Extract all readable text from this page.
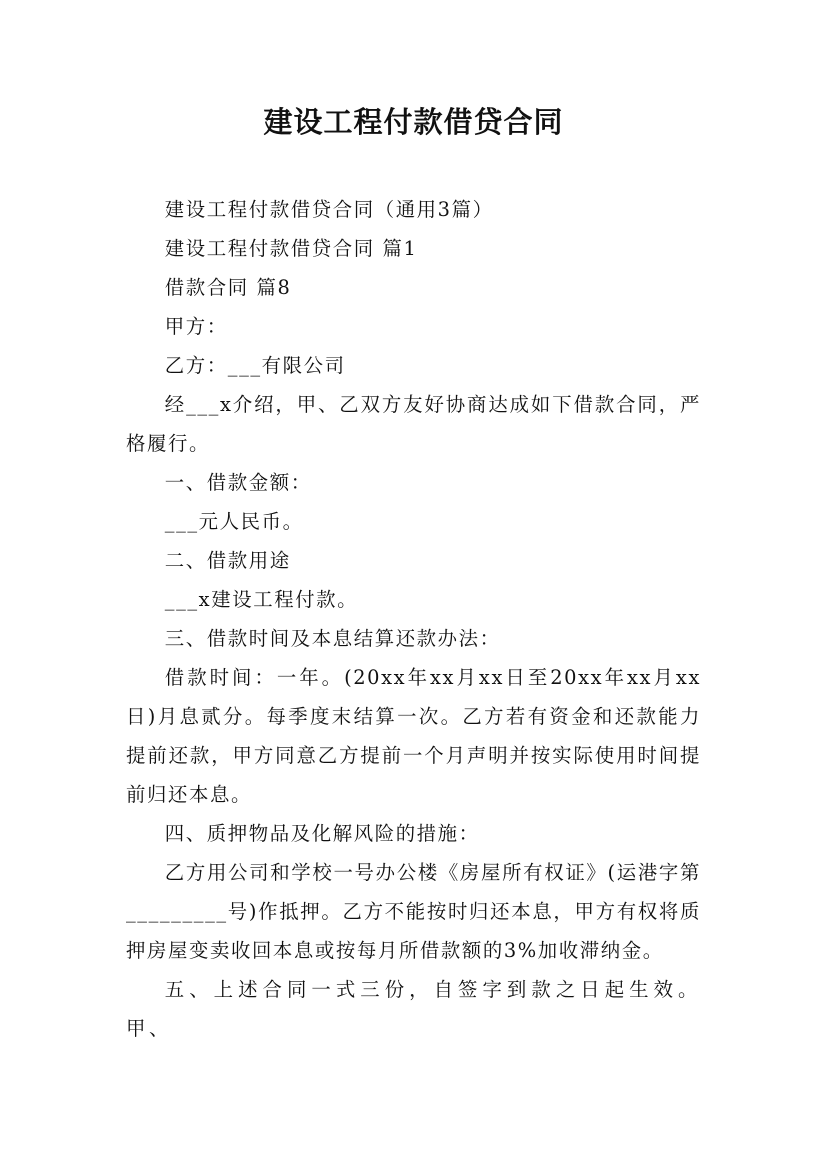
建设工程付款借贷合同

建设工程付款借贷合同（通用3篇）

建设工程付款借贷合同 篇1

借款合同 篇8

甲方：

乙方：___有限公司

经___x介绍，甲、乙双方友好协商达成如下借款合同，严格履行。

一、借款金额：

___元人民币。

二、借款用途

___x建设工程付款。

三、借款时间及本息结算还款办法：

借款时间：一年。(20xx年xx月xx日至20xx年xx月xx日)月息贰分。每季度末结算一次。乙方若有资金和还款能力提前还款，甲方同意乙方提前一个月声明并按实际使用时间提前归还本息。

四、质押物品及化解风险的措施：

乙方用公司和学校一号办公楼《房屋所有权证》(运港字第_________号)作抵押。乙方不能按时归还本息，甲方有权将质押房屋变卖收回本息或按每月所借款额的3%加收滞纳金。

五、上述合同一式三份，自签字到款之日起生效。甲、
